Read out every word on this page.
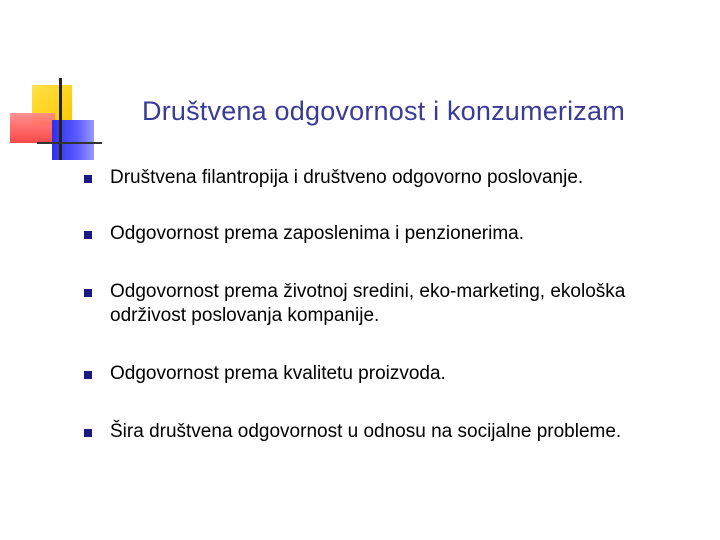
Društvena odgovornost i konzumerizam
Društvena filantropija i društveno odgovorno poslovanje.
Odgovornost prema zaposlenima i penzionerima.
Odgovornost prema životnoj sredini, eko-marketing, ekološka održivost poslovanja kompanije.
Odgovornost prema kvalitetu proizvoda.
Šira društvena odgovornost u odnosu na socijalne probleme.
